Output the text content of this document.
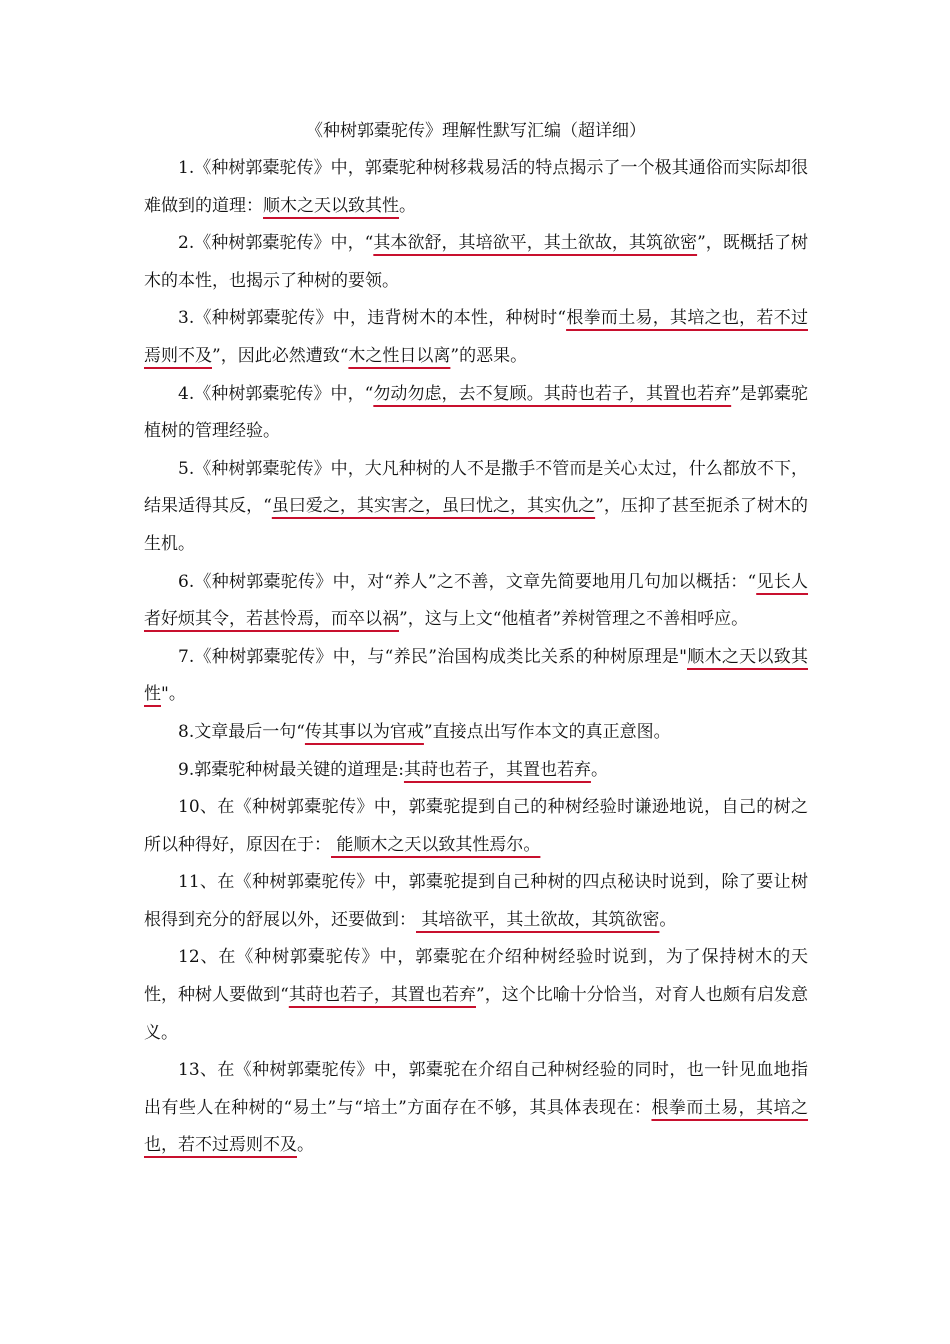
《种树郭橐驼传》理解性默写汇编（超详细）

1.《种树郭橐驼传》中，郭橐驼种树移栽易活的特点揭示了一个极其通俗而实际却很难做到的道理：顺木之天以致其性。

2.《种树郭橐驼传》中，“其本欲舒，其培欲平，其土欲故，其筑欲密”，既概括了树木的本性，也揭示了种树的要领。

3.《种树郭橐驼传》中，违背树木的本性，种树时“根拳而土易，其培之也，若不过焉则不及”，因此必然遭致“木之性日以离”的恶果。

4.《种树郭橐驼传》中，“勿动勿虑，去不复顾。其莳也若子，其置也若弃”是郭橐驼植树的管理经验。

5.《种树郭橐驼传》中，大凡种树的人不是撒手不管而是关心太过，什么都放不下，结果适得其反，“虽曰爱之，其实害之，虽曰忧之，其实仇之”，压抑了甚至扼杀了树木的生机。

6.《种树郭橐驼传》中，对“养人”之不善，文章先简要地用几句加以概括：“见长人者好烦其令，若甚怜焉，而卒以祸”，这与上文“他植者”养树管理之不善相呼应。

7.《种树郭橐驼传》中，与“养民”治国构成类比关系的种树原理是"顺木之天以致其性"。

8.文章最后一句“传其事以为官戒”直接点出写作本文的真正意图。

9.郭橐驼种树最关键的道理是:其莳也若子，其置也若弃。

10、在《种树郭橐驼传》中，郭橐驼提到自己的种树经验时谦逊地说，自己的树之所以种得好，原因在于： 能顺木之天以致其性焉尔。

11、在《种树郭橐驼传》中，郭橐驼提到自己种树的四点秘诀时说到，除了要让树根得到充分的舒展以外，还要做到： 其培欲平，其土欲故，其筑欲密。

12、在《种树郭橐驼传》中，郭橐驼在介绍种树经验时说到，为了保持树木的天性，种树人要做到“其莳也若子，其置也若弃”，这个比喻十分恰当，对育人也颇有启发意义。

13、在《种树郭橐驼传》中，郭橐驼在介绍自己种树经验的同时，也一针见血地指出有些人在种树的“易土”与“培土”方面存在不够，其具体表现在：根拳而土易，其培之也，若不过焉则不及。
